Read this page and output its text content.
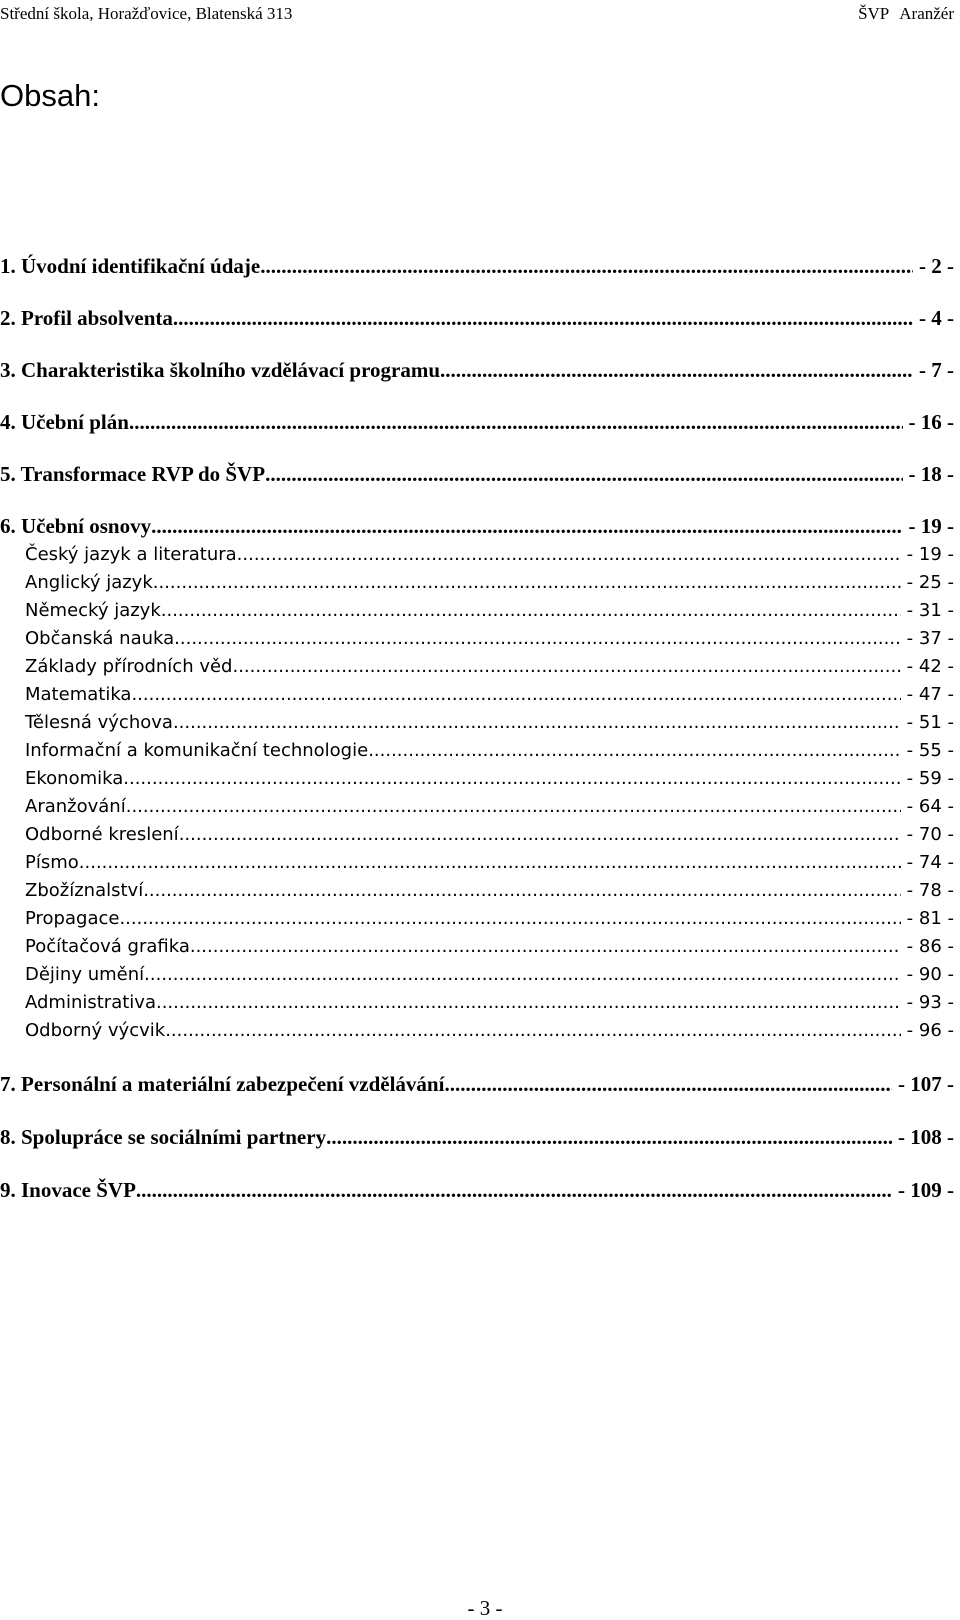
Střední škola, Horažďovice, Blatenská 313	ŠVP Aranžér
Obsah:
1. Úvodní identifikační údaje .....	- 2 -
2. Profil absolventa .....	- 4 -
3. Charakteristika školního vzdělávací programu .....	- 7 -
4. Učební plán .....	- 16 -
5. Transformace RVP do ŠVP .....	- 18 -
6. Učební osnovy .....	- 19 -
Český jazyk a literatura .....	- 19 -
Anglický jazyk .....	- 25 -
Německý jazyk .....	- 31 -
Občanská nauka .....	- 37 -
Základy přírodních věd .....	- 42 -
Matematika .....	- 47 -
Tělesná výchova .....	- 51 -
Informační a komunikační technologie .....	- 55 -
Ekonomika .....	- 59 -
Aranžování .....	- 64 -
Odborné kreslení .....	- 70 -
Písmo .....	- 74 -
Zbožíznalství .....	- 78 -
Propagace .....	- 81 -
Počítačová grafika .....	- 86 -
Dějiny umění .....	- 90 -
Administrativa .....	- 93 -
Odborný výcvik .....	- 96 -
7. Personální a materiální zabezpečení vzdělávání .....	- 107 -
8. Spolupráce se sociálními partnery .....	- 108 -
9. Inovace ŠVP .....	- 109 -
- 3 -
